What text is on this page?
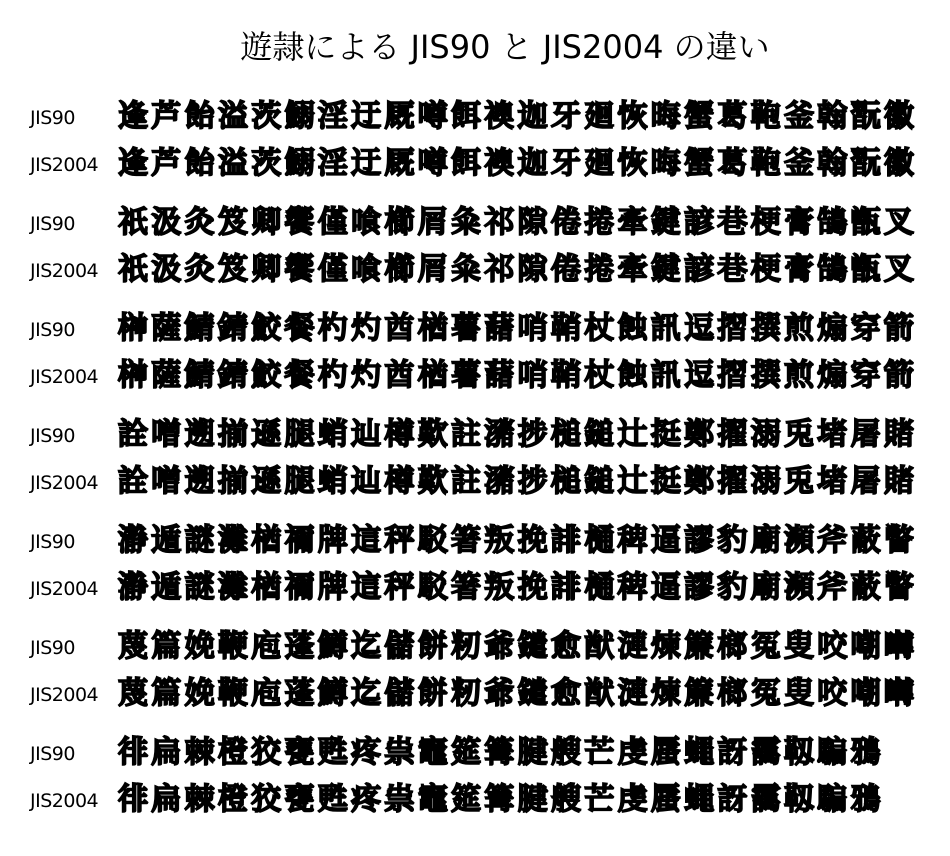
遊隷による JIS90 と JIS2004 の違い
JIS90 逢芦飴溢茨鰯淫迂厩噂餌襖迦牙廻恢晦蟹葛鞄釜翰翫徽
JIS2004 逢芦飴溢茨鰯淫迂厩噂餌襖迦牙廻恢晦蟹葛鞄釜翰翫徽
JIS90 祇汲灸笈卿饗僅喰櫛屑粂祁隙倦捲牽鍵諺巷梗膏鵠甑叉
JIS2004 祇汲灸笈卿饗僅喰櫛屑粂祁隙倦捲牽鍵諺巷梗膏鵠甑叉
JIS90 榊薩鯖錆鮫餐杓灼酋楢薯藷哨鞘杖蝕訊逗摺撰煎煽穿箭
JIS2004 榊薩鯖錆鮫餐杓灼酋楢薯藷哨鞘杖蝕訊逗摺撰煎煽穿箭
JIS90 詮噌遡揃遜腿蛸辿樽歎註瀦捗槌鎚辻挺鄭擢溺兎堵屠賭
JIS2004 詮噌遡揃遜腿蛸辿樽歎註瀦捗槌鎚辻挺鄭擢溺兎堵屠賭
JIS90 瀞遁謎灘楢禰牌這秤駁箸叛挽誹樋稗逼謬豹廟瀕斧蔽瞥
JIS2004 瀞遁謎灘楢禰牌這秤駁箸叛挽誹樋稗逼謬豹廟瀕斧蔽瞥
JIS90 蔑篇娩鞭庖蓬鱒迄儲餅籾爺鑓愈猷漣煉簾榔冤叟咬嘲囀
JIS2004 蔑篇娩鞭庖蓬鱒迄儲餅籾爺鑓愈猷漣煉簾榔冤叟咬嘲囀
JIS90 徘扁棘橙狡甕甦疼祟竈筵篝腱艘芒虔蜃蠅訝靄靱騙鴉
JIS2004 徘扁棘橙狡甕甦疼祟竈筵篝腱艘芒虔蜃蠅訝靄靱騙鴉
